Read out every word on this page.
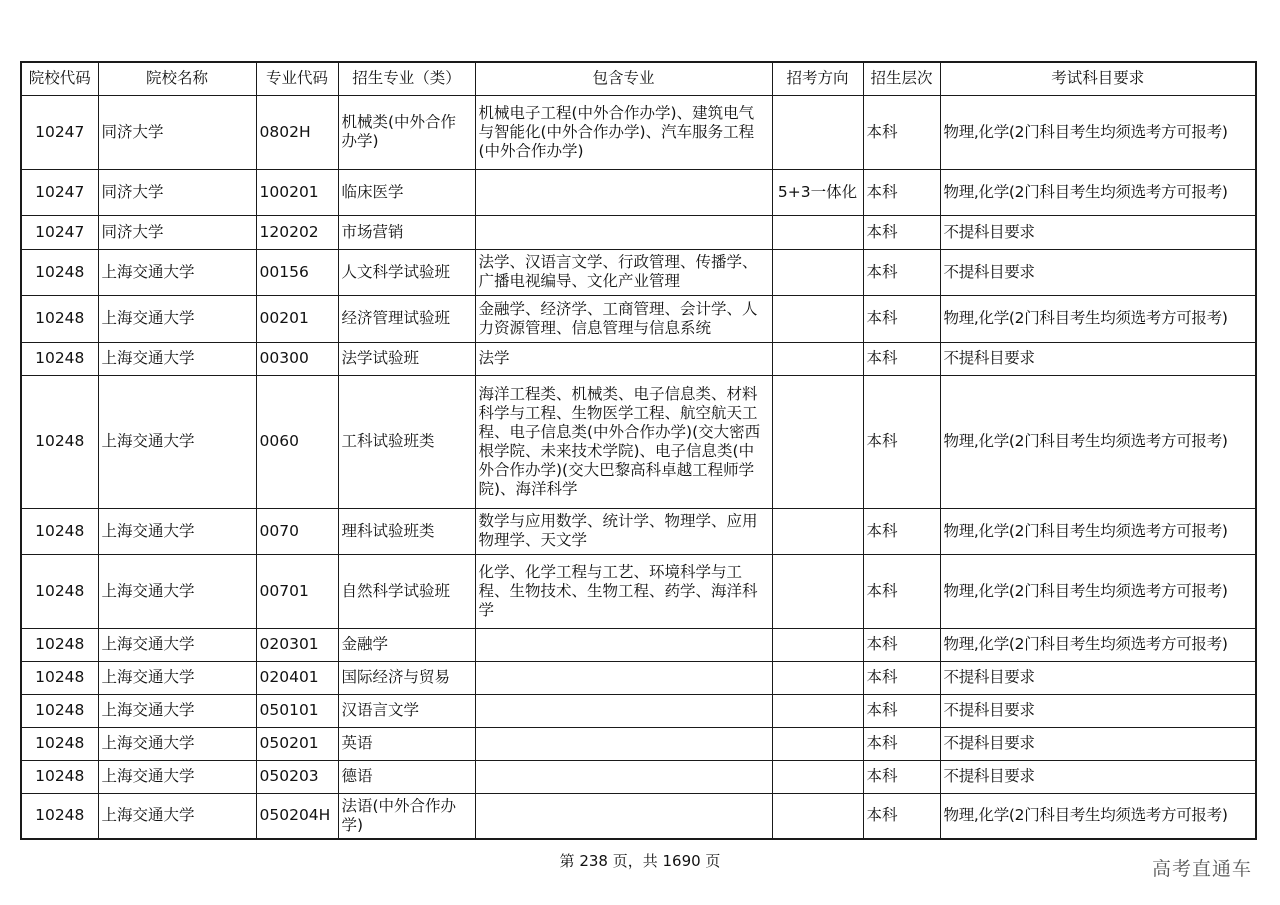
院校代码	院校名称	专业代码	招生专业（类）	包含专业	招考方向	招生层次	考试科目要求
10247	同济大学	0802H	机械类(中外合作办学)	机械电子工程(中外合作办学)、建筑电气与智能化(中外合作办学)、汽车服务工程(中外合作办学)		本科	物理,化学(2门科目考生均须选考方可报考)
10247	同济大学	100201	临床医学		5+3一体化	本科	物理,化学(2门科目考生均须选考方可报考)
10247	同济大学	120202	市场营销			本科	不提科目要求
10248	上海交通大学	00156	人文科学试验班	法学、汉语言文学、行政管理、传播学、广播电视编导、文化产业管理		本科	不提科目要求
10248	上海交通大学	00201	经济管理试验班	金融学、经济学、工商管理、会计学、人力资源管理、信息管理与信息系统		本科	物理,化学(2门科目考生均须选考方可报考)
10248	上海交通大学	00300	法学试验班	法学		本科	不提科目要求
10248	上海交通大学	0060	工科试验班类	海洋工程类、机械类、电子信息类、材料科学与工程、生物医学工程、航空航天工程、电子信息类(中外合作办学)(交大密西根学院、未来技术学院)、电子信息类(中外合作办学)(交大巴黎高科卓越工程师学院)、海洋科学		本科	物理,化学(2门科目考生均须选考方可报考)
10248	上海交通大学	0070	理科试验班类	数学与应用数学、统计学、物理学、应用物理学、天文学		本科	物理,化学(2门科目考生均须选考方可报考)
10248	上海交通大学	00701	自然科学试验班	化学、化学工程与工艺、环境科学与工程、生物技术、生物工程、药学、海洋科学		本科	物理,化学(2门科目考生均须选考方可报考)
10248	上海交通大学	020301	金融学			本科	物理,化学(2门科目考生均须选考方可报考)
10248	上海交通大学	020401	国际经济与贸易			本科	不提科目要求
10248	上海交通大学	050101	汉语言文学			本科	不提科目要求
10248	上海交通大学	050201	英语			本科	不提科目要求
10248	上海交通大学	050203	德语			本科	不提科目要求
10248	上海交通大学	050204H	法语(中外合作办学)			本科	物理,化学(2门科目考生均须选考方可报考)
第 238 页，共 1690 页	高考直通车
